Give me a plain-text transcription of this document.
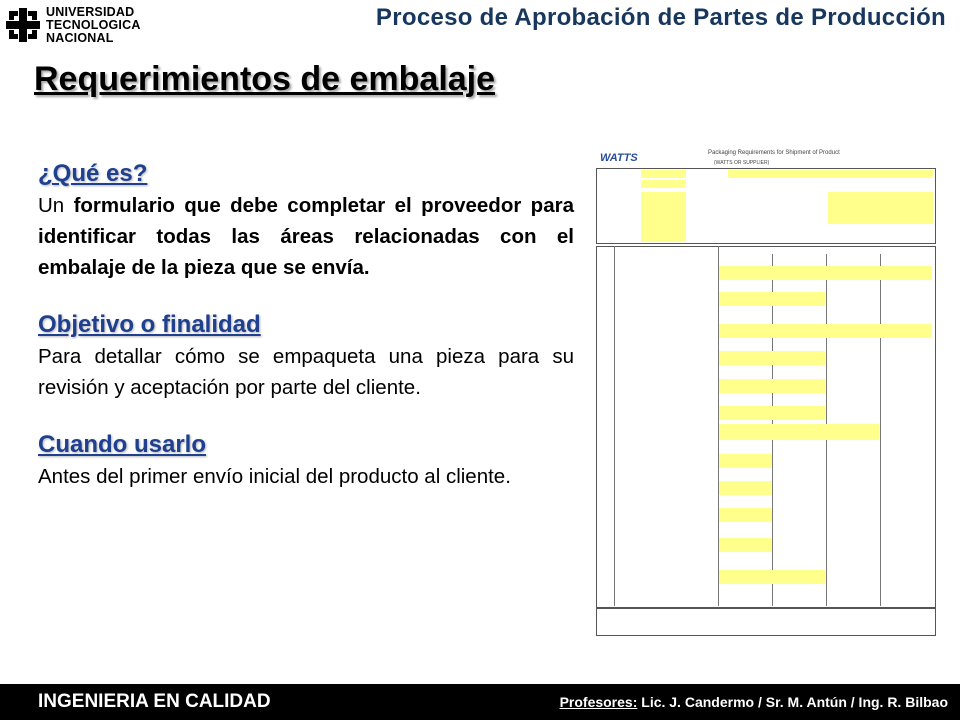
UNIVERSIDAD
TECNOLOGICA
NACIONAL
Proceso de Aprobación de Partes de Producción
Requerimientos de embalaje
¿Qué es?

Un formulario que debe completar el proveedor para identificar todas las áreas relacionadas con el embalaje de la pieza que se envía.

Objetivo o finalidad

Para detallar cómo se empaqueta una pieza para su revisión y aceptación por parte del cliente.

Cuando usarlo

Antes del primer envío inicial del producto al cliente.

WATTS	Packaging Requirements for Shipment of Product
(WATTS OR SUPPLIER)
INGENIERIA EN CALIDAD	Profesores: Lic. J. Candermo / Sr. M. Antún / Ing. R. Bilbao
